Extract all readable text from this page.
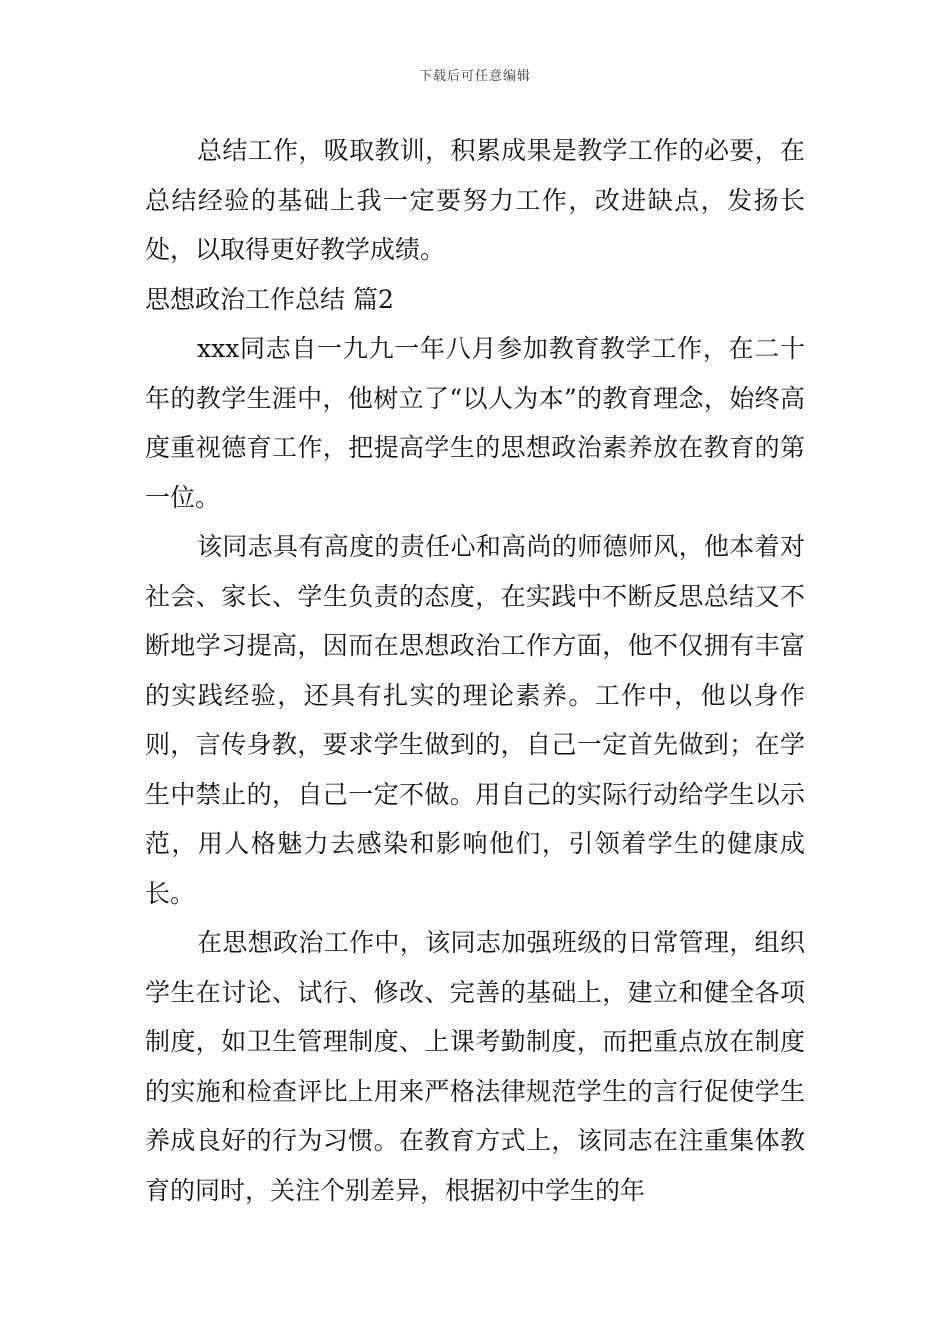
下载后可任意编辑

总结工作，吸取教训，积累成果是教学工作的必要，在总结经验的基础上我一定要努力工作，改进缺点，发扬长处，以取得更好教学成绩。

思想政治工作总结 篇2

xxx同志自一九九一年八月参加教育教学工作，在二十年的教学生涯中，他树立了“以人为本”的教育理念，始终高度重视德育工作，把提高学生的思想政治素养放在教育的第一位。

该同志具有高度的责任心和高尚的师德师风，他本着对社会、家长、学生负责的态度，在实践中不断反思总结又不断地学习提高，因而在思想政治工作方面，他不仅拥有丰富的实践经验，还具有扎实的理论素养。工作中，他以身作则，言传身教，要求学生做到的，自己一定首先做到；在学生中禁止的，自己一定不做。用自己的实际行动给学生以示范，用人格魅力去感染和影响他们，引领着学生的健康成长。

在思想政治工作中，该同志加强班级的日常管理，组织学生在讨论、试行、修改、完善的基础上，建立和健全各项制度，如卫生管理制度、上课考勤制度，而把重点放在制度的实施和检查评比上用来严格法律规范学生的言行促使学生养成良好的行为习惯。在教育方式上，该同志在注重集体教育的同时，关注个别差异，根据初中学生的年
